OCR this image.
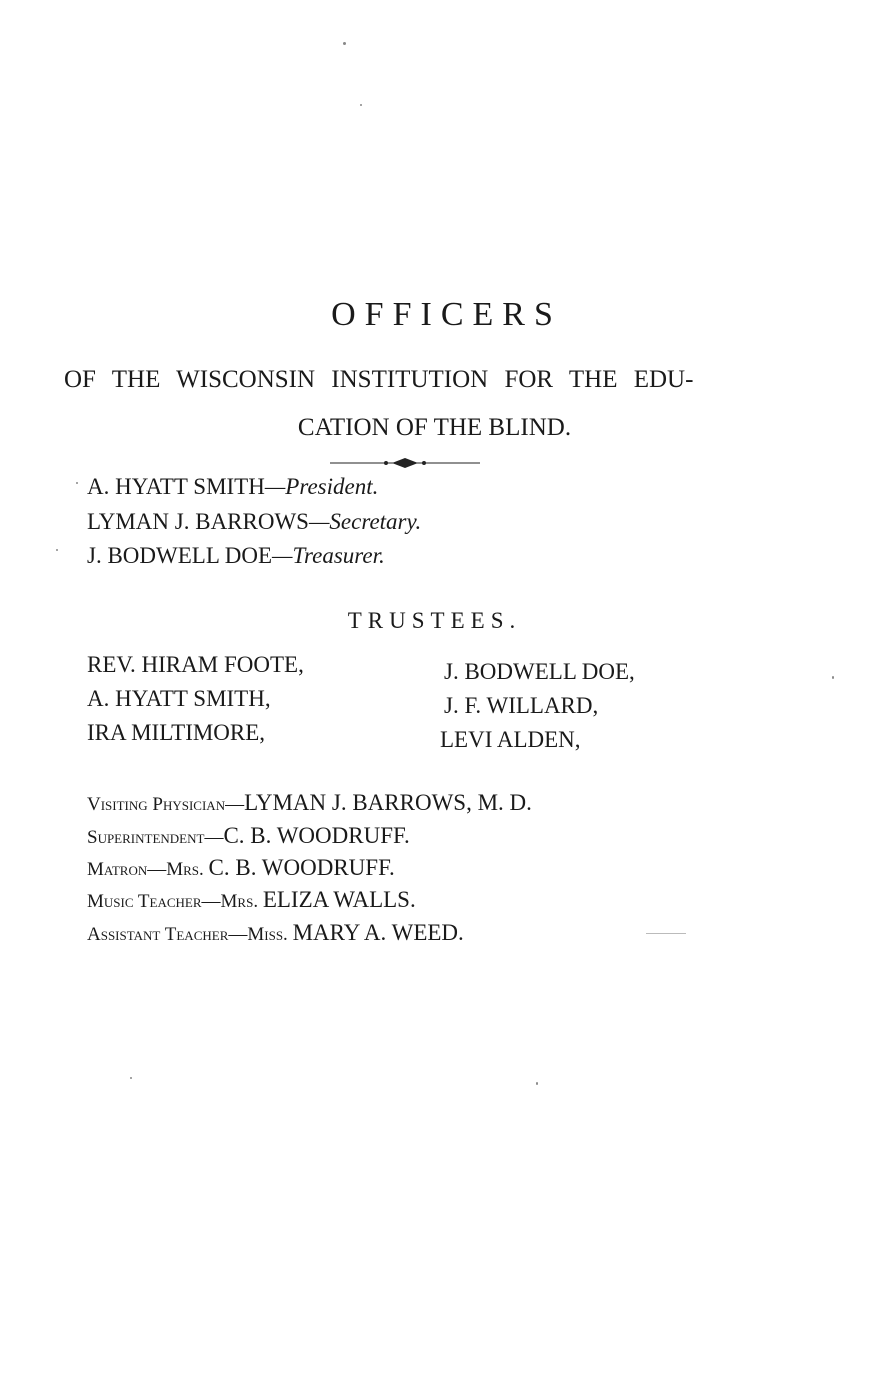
OFFICERS
OF THE WISCONSIN INSTITUTION FOR THE EDU-
CATION OF THE BLIND.
A. HYATT SMITH—President.
LYMAN J. BARROWS—Secretary.
J. BODWELL DOE—Treasurer.
TRUSTEES.
REV. HIRAM FOOTE,
A. HYATT SMITH,
IRA MILTIMORE,
J. BODWELL DOE,
J. F. WILLARD,
LEVI ALDEN,
Visiting Physician—LYMAN J. BARROWS, M. D.
Superintendent—C. B. WOODRUFF.
Matron—Mrs. C. B. WOODRUFF.
Music Teacher—Mrs. ELIZA WALLS.
Assistant Teacher—Miss. MARY A. WEED.
